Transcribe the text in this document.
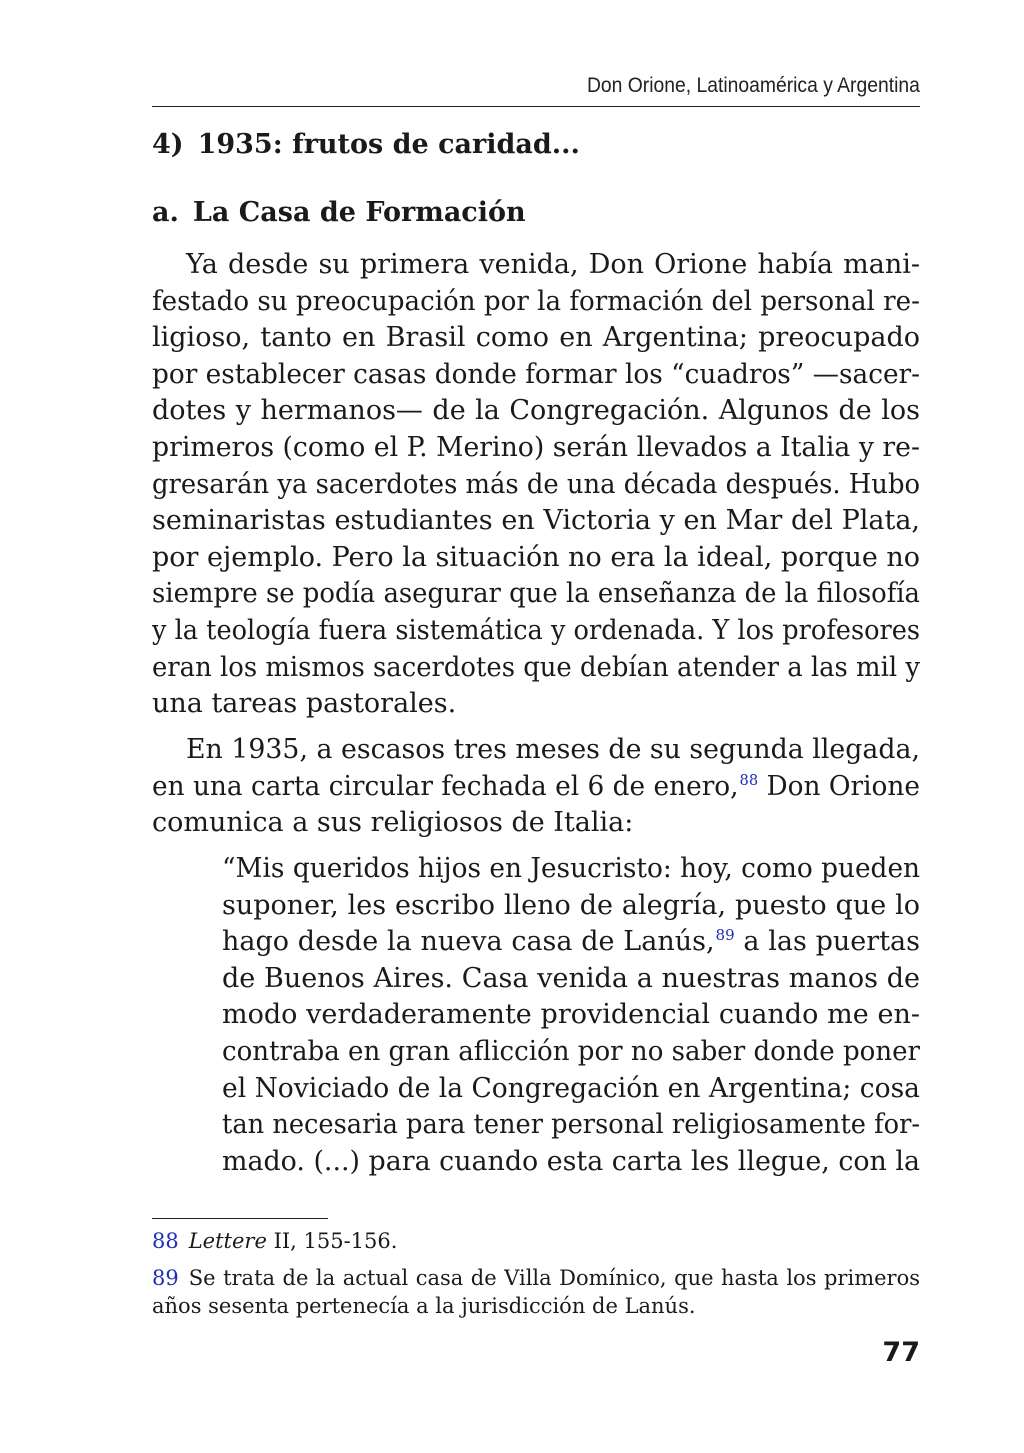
Don Orione, Latinoamérica y Argentina
4) 1935: frutos de caridad...
a. La Casa de Formación
Ya desde su primera venida, Don Orione había mani-
festado su preocupación por la formación del personal re-
ligioso, tanto en Brasil como en Argentina; preocupado
por establecer casas donde formar los “cuadros” —sacer-
dotes y hermanos— de la Congregación. Algunos de los
primeros (como el P. Merino) serán llevados a Italia y re-
gresarán ya sacerdotes más de una década después. Hubo
seminaristas estudiantes en Victoria y en Mar del Plata,
por ejemplo. Pero la situación no era la ideal, porque no
siempre se podía asegurar que la enseñanza de la filosofía
y la teología fuera sistemática y ordenada. Y los profesores
eran los mismos sacerdotes que debían atender a las mil y
una tareas pastorales.
En 1935, a escasos tres meses de su segunda llegada,
en una carta circular fechada el 6 de enero,$^{88}$ Don Orione
comunica a sus religiosos de Italia:
“Mis queridos hijos en Jesucristo: hoy, como pueden
suponer, les escribo lleno de alegría, puesto que lo
hago desde la nueva casa de Lanús,$^{89}$ a las puertas
de Buenos Aires. Casa venida a nuestras manos de
modo verdaderamente providencial cuando me en-
contraba en gran aflicción por no saber donde poner
el Noviciado de la Congregación en Argentina; cosa
tan necesaria para tener personal religiosamente for-
mado. (...) para cuando esta carta les llegue, con la
88 Lettere II, 155-156.
89 Se trata de la actual casa de Villa Domínico, que hasta los primeros
años sesenta pertenecía a la jurisdicción de Lanús.
77
